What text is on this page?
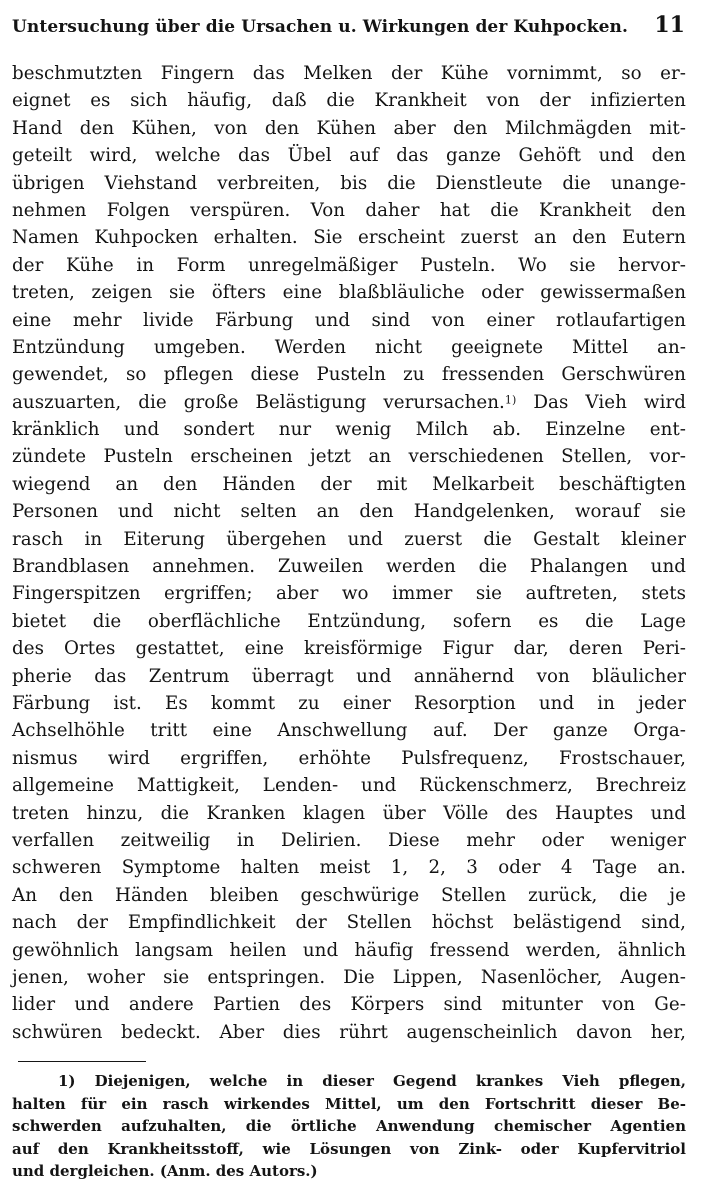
Untersuchung über die Ursachen u. Wirkungen der Kuhpocken. 11
beschmutzten Fingern das Melken der Kühe vornimmt, so er-
eignet es sich häufig, daß die Krankheit von der infizierten
Hand den Kühen, von den Kühen aber den Milchmägden mit-
geteilt wird, welche das Übel auf das ganze Gehöft und den
übrigen Viehstand verbreiten, bis die Dienstleute die unange-
nehmen Folgen verspüren. Von daher hat die Krankheit den
Namen Kuhpocken erhalten. Sie erscheint zuerst an den Eutern
der Kühe in Form unregelmäßiger Pusteln. Wo sie hervor-
treten, zeigen sie öfters eine blaßbläuliche oder gewissermaßen
eine mehr livide Färbung und sind von einer rotlaufartigen
Entzündung umgeben. Werden nicht geeignete Mittel an-
gewendet, so pflegen diese Pusteln zu fressenden Gerschwüren
auszuarten, die große Belästigung verursachen.$^{1)}$ Das Vieh wird
kränklich und sondert nur wenig Milch ab. Einzelne ent-
zündete Pusteln erscheinen jetzt an verschiedenen Stellen, vor-
wiegend an den Händen der mit Melkarbeit beschäftigten
Personen und nicht selten an den Handgelenken, worauf sie
rasch in Eiterung übergehen und zuerst die Gestalt kleiner
Brandblasen annehmen. Zuweilen werden die Phalangen und
Fingerspitzen ergriffen; aber wo immer sie auftreten, stets
bietet die oberflächliche Entzündung, sofern es die Lage
des Ortes gestattet, eine kreisförmige Figur dar, deren Peri-
pherie das Zentrum überragt und annähernd von bläulicher
Färbung ist. Es kommt zu einer Resorption und in jeder
Achselhöhle tritt eine Anschwellung auf. Der ganze Orga-
nismus wird ergriffen, erhöhte Pulsfrequenz, Frostschauer,
allgemeine Mattigkeit, Lenden- und Rückenschmerz, Brechreiz
treten hinzu, die Kranken klagen über Völle des Hauptes und
verfallen zeitweilig in Delirien. Diese mehr oder weniger
schweren Symptome halten meist 1, 2, 3 oder 4 Tage an.
An den Händen bleiben geschwürige Stellen zurück, die je
nach der Empfindlichkeit der Stellen höchst belästigend sind,
gewöhnlich langsam heilen und häufig fressend werden, ähnlich
jenen, woher sie entspringen. Die Lippen, Nasenlöcher, Augen-
lider und andere Partien des Körpers sind mitunter von Ge-
schwüren bedeckt. Aber dies rührt augenscheinlich davon her,
1) Diejenigen, welche in dieser Gegend krankes Vieh pflegen,
halten für ein rasch wirkendes Mittel, um den Fortschritt dieser Be-
schwerden aufzuhalten, die örtliche Anwendung chemischer Agentien
auf den Krankheitsstoff, wie Lösungen von Zink- oder Kupfervitriol
und dergleichen. (Anm. des Autors.)
